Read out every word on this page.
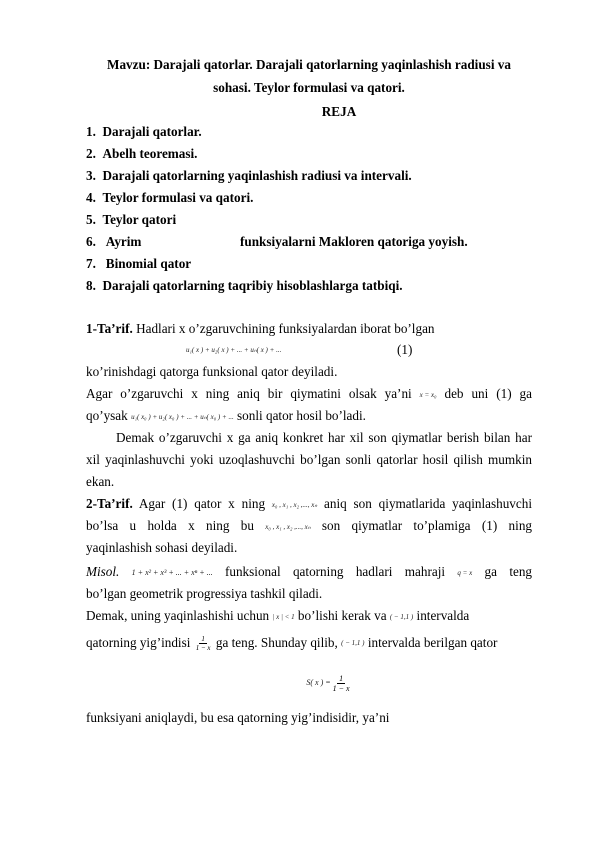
Mavzu: Darajali qatorlar. Darajali qatorlarning yaqinlashish radiusi va
sohasi. Teylor formulasi va qatori.
REJA
1. Darajali qatorlar.
2. Abelh teoremasi.
3. Darajali qatorlarning yaqinlashish radiusi va intervali.
4. Teylor formulasi va qatori.
5. Teylor qatori
6. Ayrim	funksiyalarni Makloren qatoriga yoyish.
7. Binomial qator
8. Darajali qatorlarning taqribiy hisoblashlarga tatbiqi.
1-Ta’rif. Hadlari x o’zgaruvchining funksiyalardan iborat bo’lgan
u₁( x ) + u₂( x ) + ... + uₙ( x ) + ...	(1)
ko’rinishdagi qatorga funksional qator deyiladi.
Agar o’zgaruvchi x ning aniq bir qiymatini olsak ya’ni x = x₀ deb uni (1) ga
qo’ysak u₁( x₀ ) + u₂( x₀ ) + ... + uₙ( x₀ ) + ... sonli qator hosil bo’ladi.
Demak o’zgaruvchi x ga aniq konkret har xil son qiymatlar berish bilan har
xil yaqinlashuvchi yoki uzoqlashuvchi bo’lgan sonli qatorlar hosil qilish mumkin
ekan.
2-Ta’rif. Agar (1) qator x ning x₀ , x₁ , x₂ ,..., xₙ aniq son qiymatlarida yaqinlashuvchi
bo’lsa u holda x ning bu x₀ , x₁ , x₂ ,..., xₙ son qiymatlar to’plamiga (1) ning
yaqinlashish sohasi deyiladi.
Misol. 1 + x² + x³ + ... + xⁿ + ... funksional qatorning hadlari mahraji q = x ga teng
bo’lgan geometrik progressiya tashkil qiladi.
Demak, uning yaqinlashishi uchun | x | < 1 bo’lishi kerak va ( − 1,1 ) intervalda
qatorning yig’indisi
$\frac{1}{1 - x}$
ga teng. Shunday qilib,
( − 1,1 )
intervalda berilgan qator
S( x ) = $\frac{1}{1 - x}$
funksiyani aniqlaydi, bu esa qatorning yig’indisidir, ya’ni
